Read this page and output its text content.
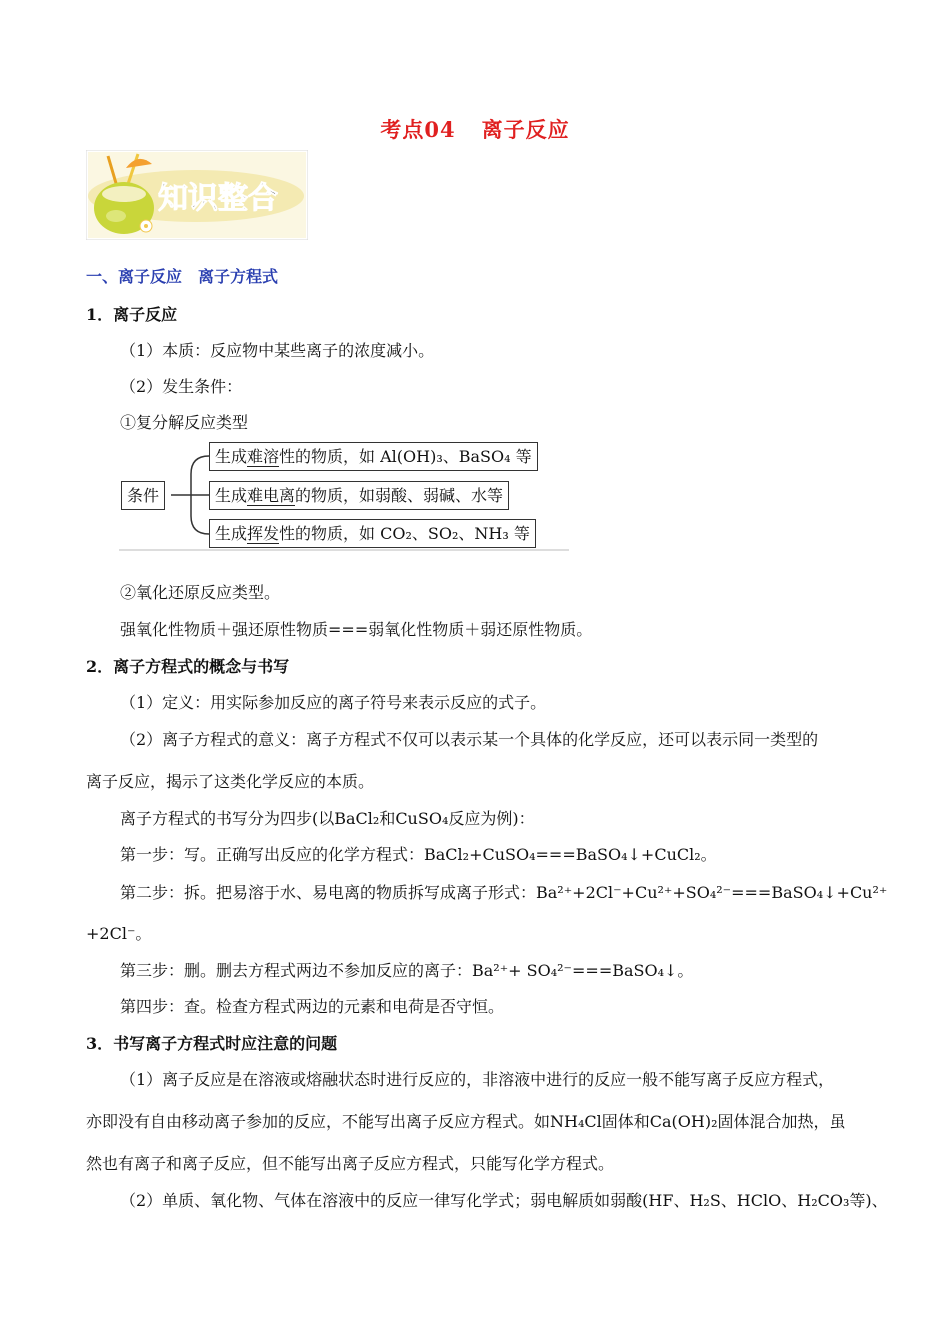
考点04 离子反应
知识整合
一、离子反应　离子方程式
1．离子反应
（1）本质：反应物中某些离子的浓度减小。
（2）发生条件：
①复分解反应类型
条件
生成难溶性的物质，如 Al(OH)₃、BaSO₄ 等
生成难电离的物质，如弱酸、弱碱、水等
生成挥发性的物质，如 CO₂、SO₂、NH₃ 等
②氧化还原反应类型。
强氧化性物质＋强还原性物质===弱氧化性物质＋弱还原性物质。
2．离子方程式的概念与书写
（1）定义：用实际参加反应的离子符号来表示反应的式子。
（2）离子方程式的意义：离子方程式不仅可以表示某一个具体的化学反应，还可以表示同一类型的
离子反应，揭示了这类化学反应的本质。
离子方程式的书写分为四步(以BaCl₂和CuSO₄反应为例)：
第一步：写。正确写出反应的化学方程式：BaCl₂+CuSO₄===BaSO₄↓+CuCl₂。
第二步：拆。把易溶于水、易电离的物质拆写成离子形式：Ba²⁺+2Cl⁻+Cu²⁺+SO₄²⁻===BaSO₄↓+Cu²⁺
+2Cl⁻。
第三步：删。删去方程式两边不参加反应的离子：Ba²⁺+ SO₄²⁻===BaSO₄↓。
第四步：查。检查方程式两边的元素和电荷是否守恒。
3．书写离子方程式时应注意的问题
（1）离子反应是在溶液或熔融状态时进行反应的，非溶液中进行的反应一般不能写离子反应方程式，
亦即没有自由移动离子参加的反应，不能写出离子反应方程式。如NH₄Cl固体和Ca(OH)₂固体混合加热，虽
然也有离子和离子反应，但不能写出离子反应方程式，只能写化学方程式。
（2）单质、氧化物、气体在溶液中的反应一律写化学式；弱电解质如弱酸(HF、H₂S、HClO、H₂CO₃等)、
